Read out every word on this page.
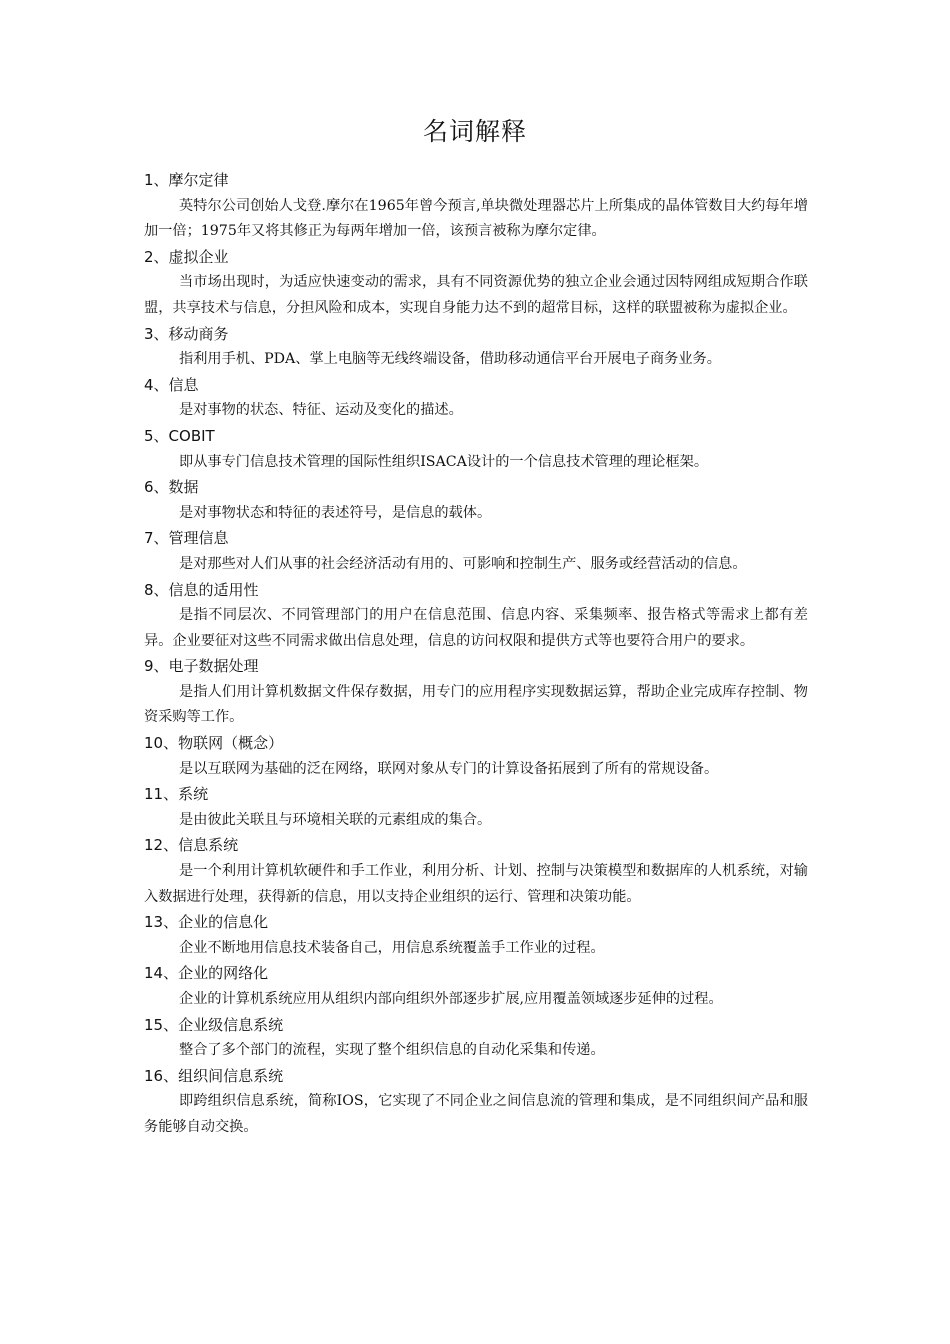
名词解释
1、摩尔定律
英特尔公司创始人戈登.摩尔在1965年曾今预言,单块微处理器芯片上所集成的晶体管数目大约每年增加一倍；1975年又将其修正为每两年增加一倍，该预言被称为摩尔定律。
2、虚拟企业
当市场出现时，为适应快速变动的需求，具有不同资源优势的独立企业会通过因特网组成短期合作联盟，共享技术与信息，分担风险和成本，实现自身能力达不到的超常目标，这样的联盟被称为虚拟企业。
3、移动商务
指利用手机、PDA、掌上电脑等无线终端设备，借助移动通信平台开展电子商务业务。
4、信息
是对事物的状态、特征、运动及变化的描述。
5、COBIT
即从事专门信息技术管理的国际性组织ISACA设计的一个信息技术管理的理论框架。
6、数据
是对事物状态和特征的表述符号，是信息的载体。
7、管理信息
是对那些对人们从事的社会经济活动有用的、可影响和控制生产、服务或经营活动的信息。
8、信息的适用性
是指不同层次、不同管理部门的用户在信息范围、信息内容、采集频率、报告格式等需求上都有差异。企业要征对这些不同需求做出信息处理，信息的访问权限和提供方式等也要符合用户的要求。
9、电子数据处理
是指人们用计算机数据文件保存数据，用专门的应用程序实现数据运算，帮助企业完成库存控制、物资采购等工作。
10、物联网（概念）
是以互联网为基础的泛在网络，联网对象从专门的计算设备拓展到了所有的常规设备。
11、系统
是由彼此关联且与环境相关联的元素组成的集合。
12、信息系统
是一个利用计算机软硬件和手工作业，利用分析、计划、控制与决策模型和数据库的人机系统，对输入数据进行处理，获得新的信息，用以支持企业组织的运行、管理和决策功能。
13、企业的信息化
企业不断地用信息技术装备自己，用信息系统覆盖手工作业的过程。
14、企业的网络化
企业的计算机系统应用从组织内部向组织外部逐步扩展,应用覆盖领域逐步延伸的过程。
15、企业级信息系统
整合了多个部门的流程，实现了整个组织信息的自动化采集和传递。
16、组织间信息系统
即跨组织信息系统，简称IOS，它实现了不同企业之间信息流的管理和集成，是不同组织间产品和服务能够自动交换。
